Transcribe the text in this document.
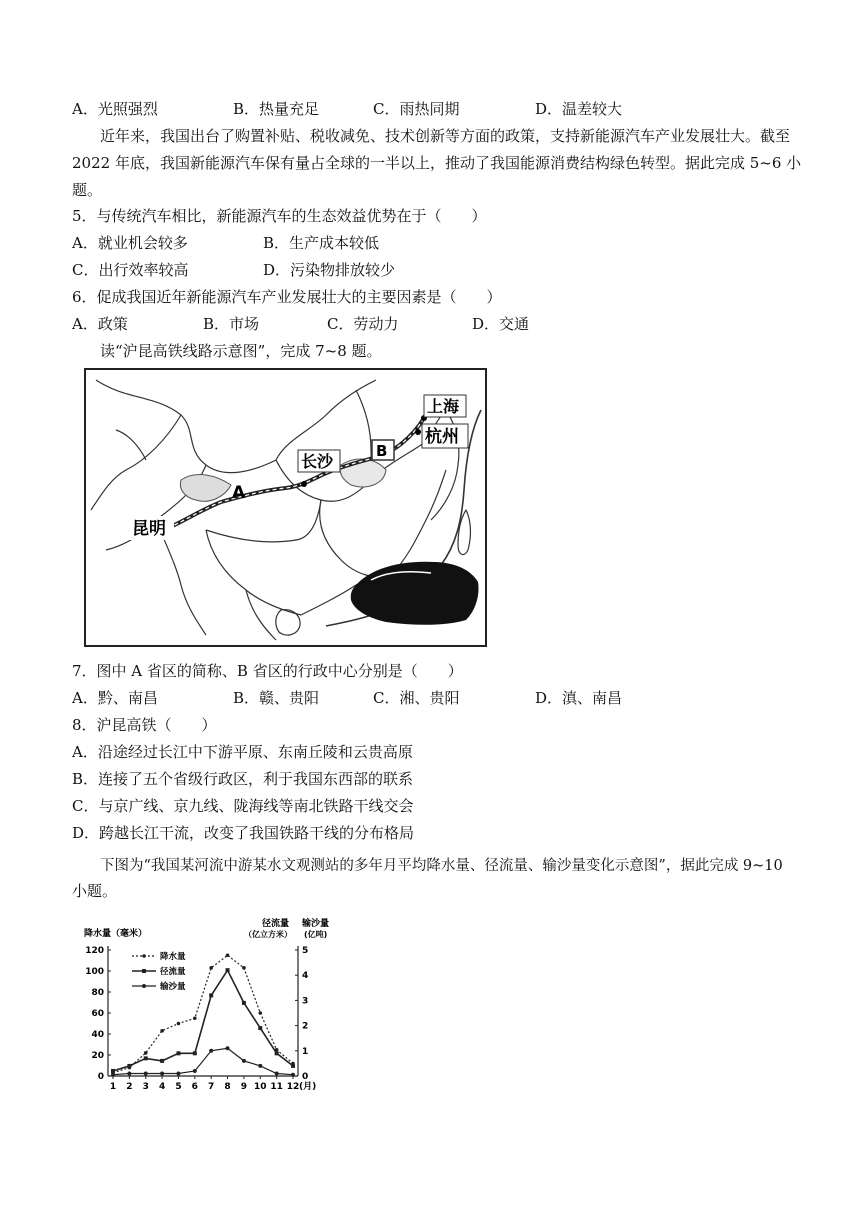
A．光照强烈	B．热量充足	C．雨热同期	D．温差较大
近年来，我国出台了购置补贴、税收减免、技术创新等方面的政策，支持新能源汽车产业发展壮大。截至
2022 年底，我国新能源汽车保有量占全球的一半以上，推动了我国能源消费结构绿色转型。据此完成 5~6 小
题。
5．与传统汽车相比，新能源汽车的生态效益优势在于（　　）
A．就业机会较多	B．生产成本较低
C．出行效率较高	D．污染物排放较少
6．促成我国近年新能源汽车产业发展壮大的主要因素是（　　）
A．政策	B．市场	C．劳动力	D．交通
读“沪昆高铁线路示意图”，完成 7~8 题。
长沙
B
上海
杭州
昆明
A
7．图中 A 省区的简称、B 省区的行政中心分别是（　　）
A．黔、南昌	B．赣、贵阳	C．湘、贵阳	D．滇、南昌
8．沪昆高铁（　　）
A．沿途经过长江中下游平原、东南丘陵和云贵高原
B．连接了五个省级行政区，利于我国东西部的联系
C．与京广线、京九线、陇海线等南北铁路干线交会
D．跨越长江干流，改变了我国铁路干线的分布格局
下图为“我国某河流中游某水文观测站的多年月平均降水量、径流量、输沙量变化示意图”，据此完成 9~10
小题。
0
20
40
60
80
100
120
0
1
2
3
4
5
1 2 3 4 5 6 7 8 9 10 11 12 (月)
降水量（毫米）
径流量
（亿立方米）
输沙量
(亿吨)
降水量
径流量
输沙量
